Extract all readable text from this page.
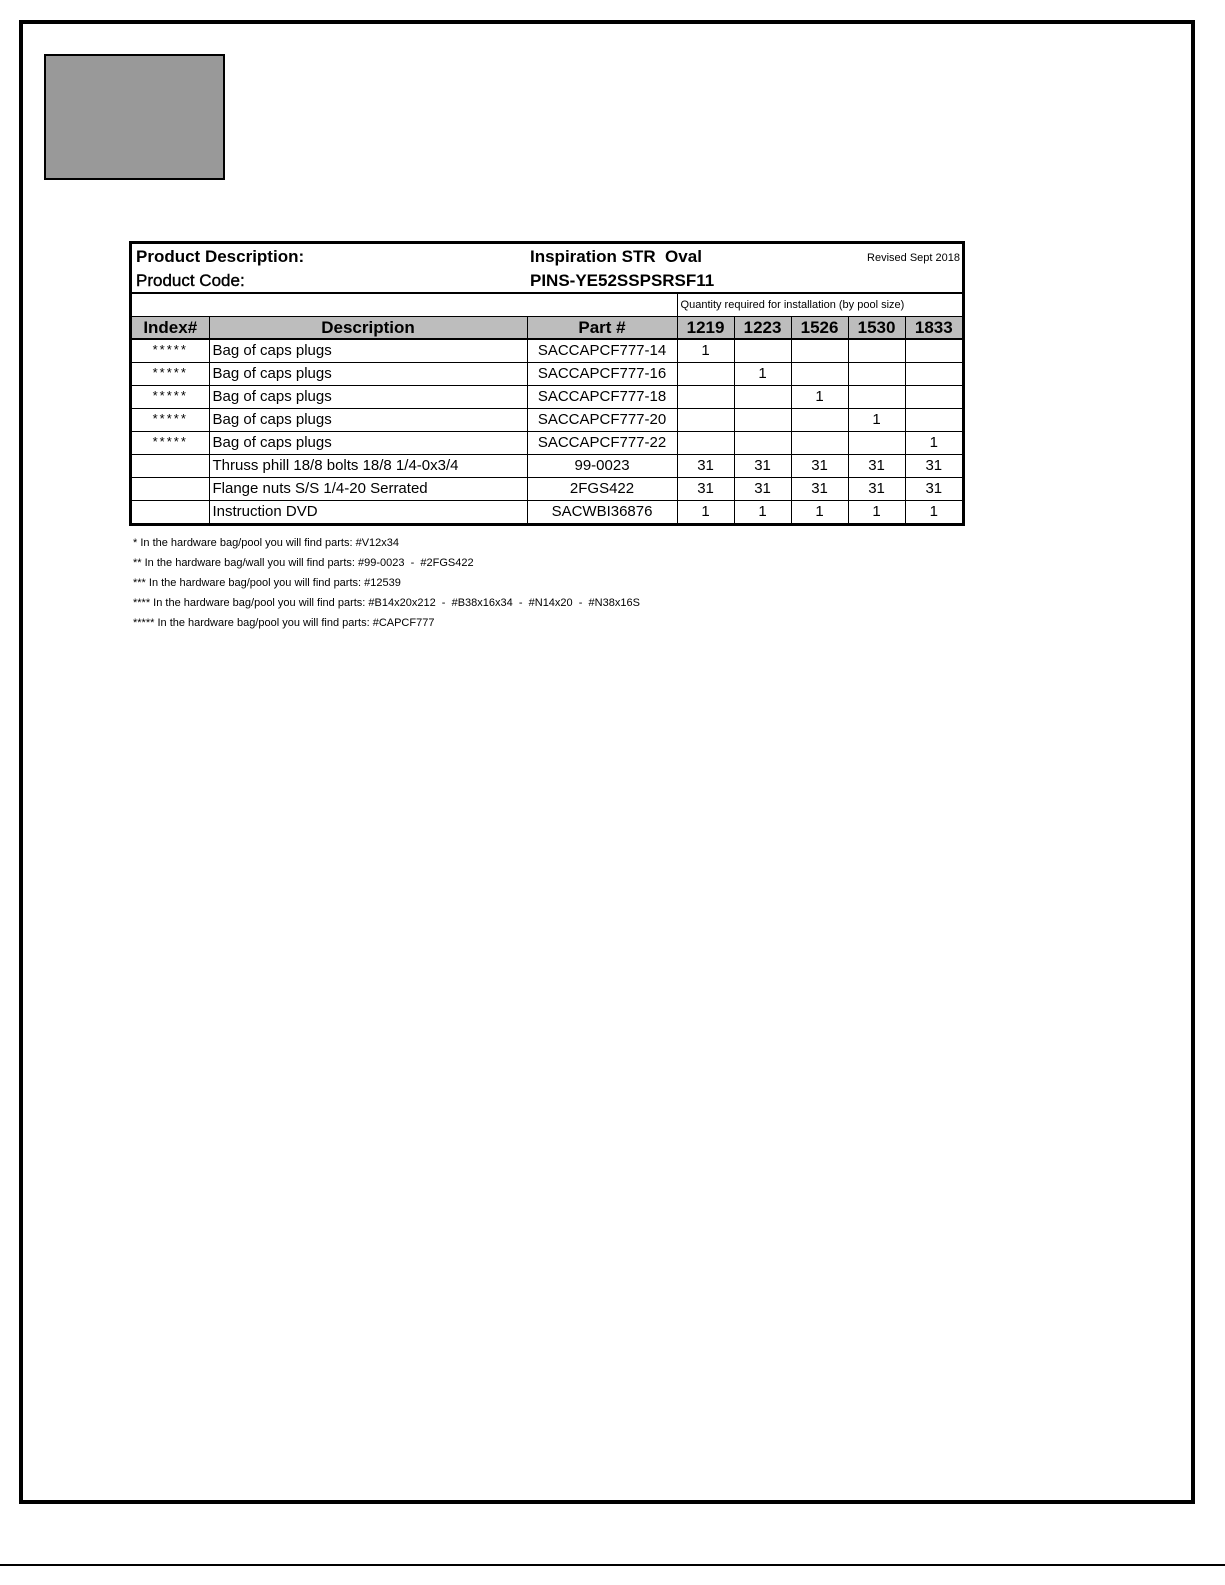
Product Description:	Inspiration STR  Oval	Revised Sept 2018
Product Code:	PINS-YE52SSPSRSF11
			Quantity required for installation (by pool size)				
Index#	Description	Part #	1219	1223	1526	1530	1833
*****	Bag of caps plugs	SACCAPCF777-14	1				
*****	Bag of caps plugs	SACCAPCF777-16		1			
*****	Bag of caps plugs	SACCAPCF777-18			1		
*****	Bag of caps plugs	SACCAPCF777-20				1	
*****	Bag of caps plugs	SACCAPCF777-22					1
	Thruss phill 18/8 bolts 18/8 1/4-0x3/4	99-0023	31	31	31	31	31
	Flange nuts S/S 1/4-20 Serrated	2FGS422	31	31	31	31	31
	Instruction DVD	SACWBI36876	1	1	1	1	1
* In the hardware bag/pool you will find parts: #V12x34
** In the hardware bag/wall you will find parts: #99-0023  -  #2FGS422
*** In the hardware bag/pool you will find parts: #12539
**** In the hardware bag/pool you will find parts: #B14x20x212  -  #B38x16x34  -  #N14x20  -  #N38x16S
***** In the hardware bag/pool you will find parts: #CAPCF777
